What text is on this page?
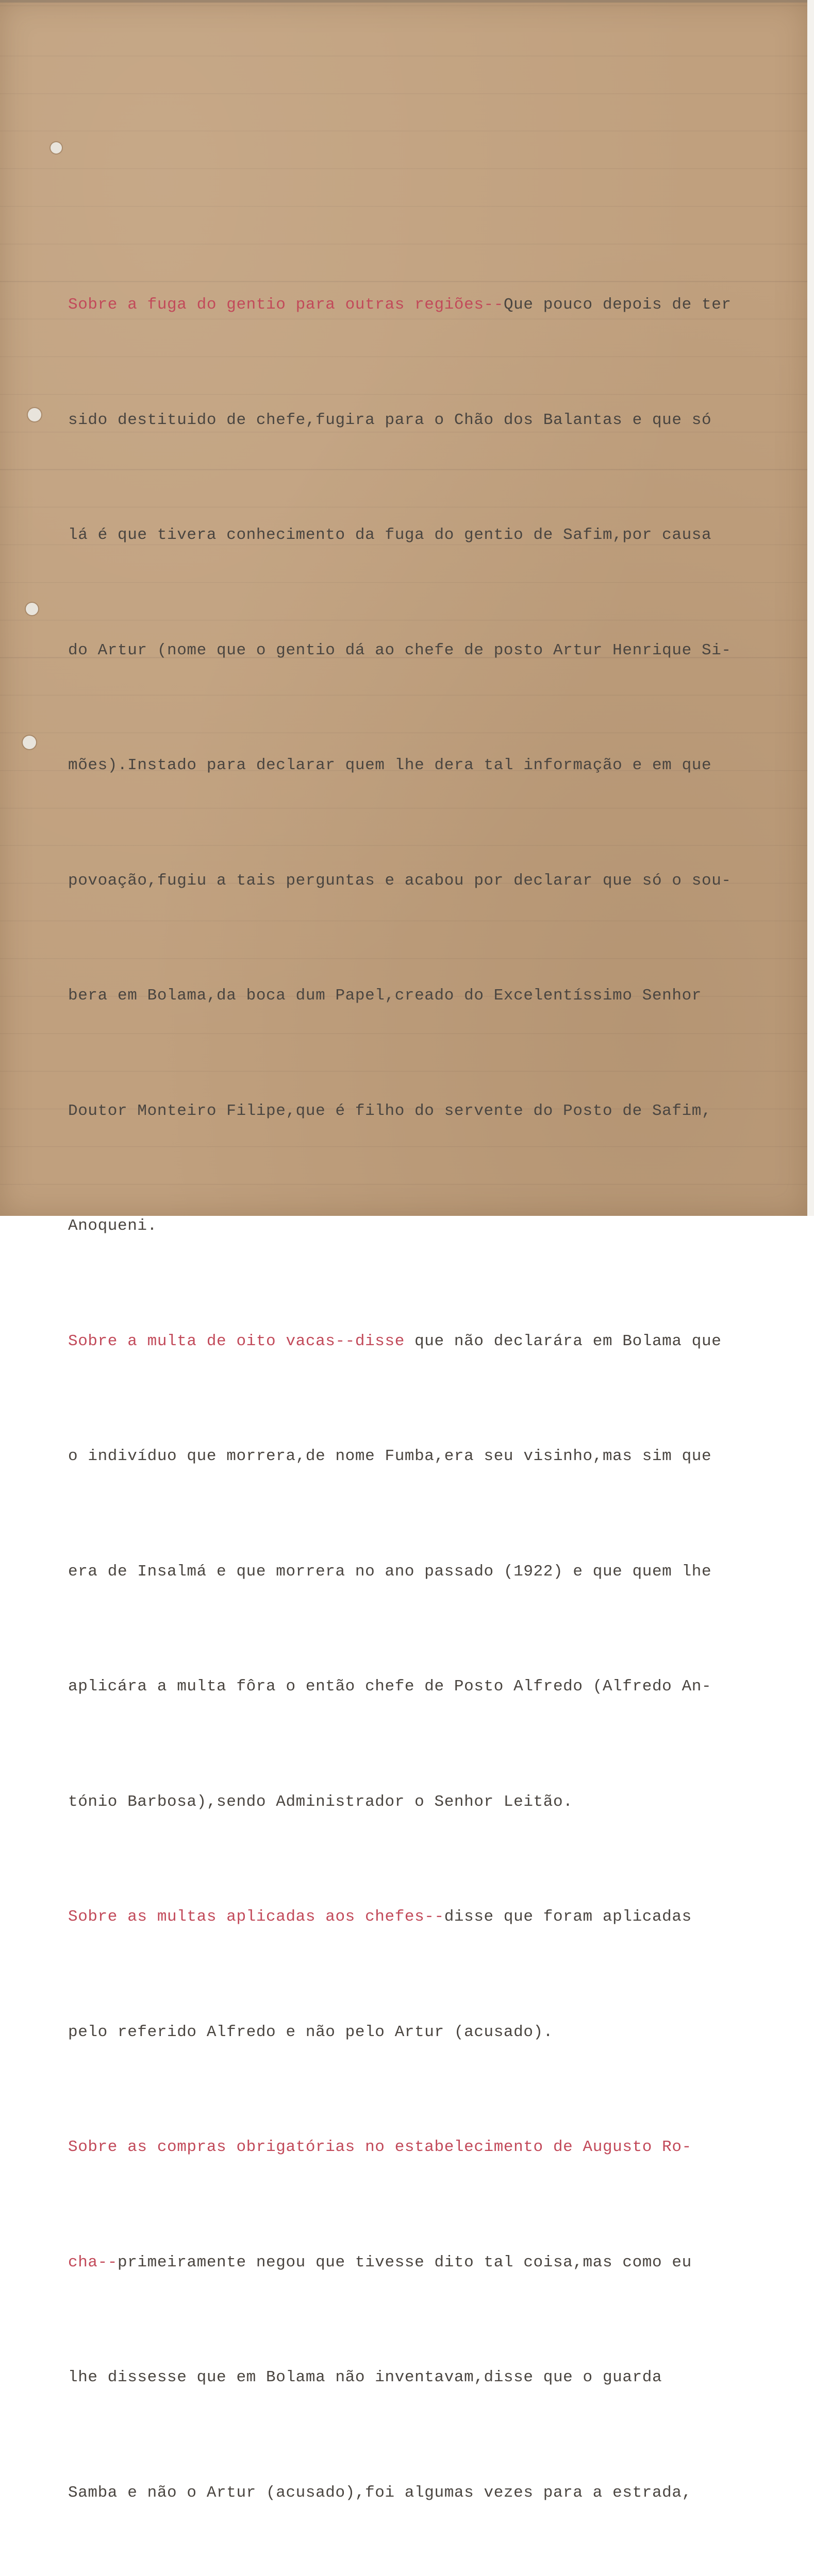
Sobre a fuga do gentio para outras regiões--Que pouco depois de ter

sido destituido de chefe,fugira para o Chão dos Balantas e que só

lá é que tivera conhecimento da fuga do gentio de Safim,por causa

do Artur (nome que o gentio dá ao chefe de posto Artur Henrique Si-

mões).Instado para declarar quem lhe dera tal informação e em que

povoação,fugiu a tais perguntas e acabou por declarar que só o sou-

bera em Bolama,da boca dum Papel,creado do Excelentíssimo Senhor

Doutor Monteiro Filipe,que é filho do servente do Posto de Safim,

Anoqueni.

Sobre a multa de oito vacas--disse que não declarára em Bolama que

o indivíduo que morrera,de nome Fumba,era seu visinho,mas sim que

era de Insalmá e que morrera no ano passado (1922) e que quem lhe

aplicára a multa fôra o então chefe de Posto Alfredo (Alfredo An-

tónio Barbosa),sendo Administrador o Senhor Leitão.

Sobre as multas aplicadas aos chefes--disse que foram aplicadas

pelo referido Alfredo e não pelo Artur (acusado).

Sobre as compras obrigatórias no estabelecimento de Augusto Ro-

cha--primeiramente negou que tivesse dito tal coisa,mas como eu

lhe dissesse que em Bolama não inventavam,disse que o guarda

Samba e não o Artur (acusado),foi algumas vezes para a estrada,
